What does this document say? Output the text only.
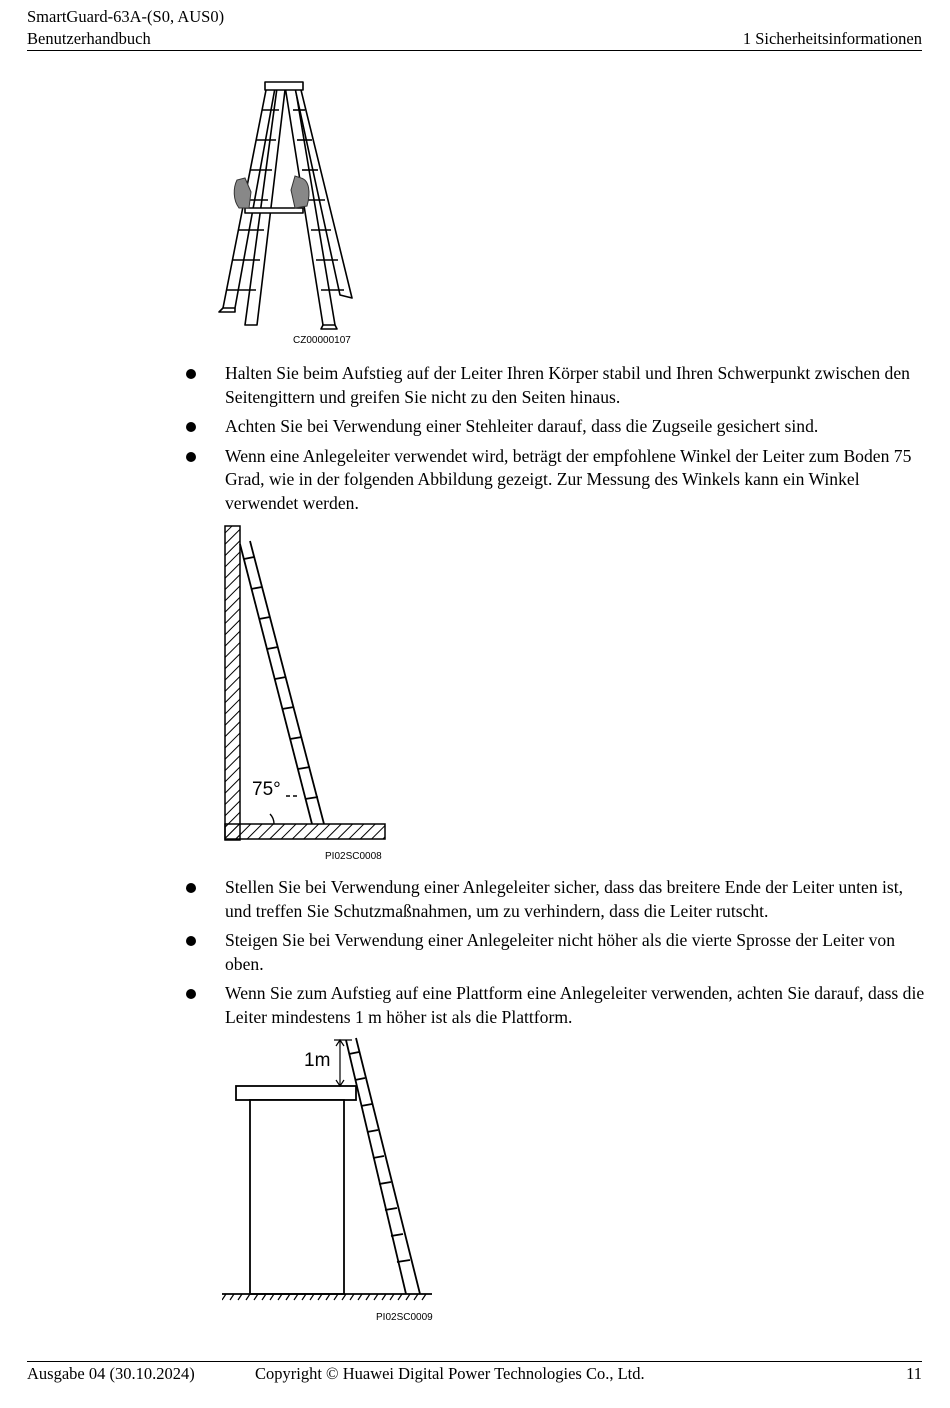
SmartGuard-63A-(S0, AUS0)
Benutzerhandbuch	1 Sicherheitsinformationen
CZ00000107
Halten Sie beim Aufstieg auf der Leiter Ihren Körper stabil und Ihren Schwerpunkt zwischen den Seitengittern und greifen Sie nicht zu den Seiten hinaus.
Achten Sie bei Verwendung einer Stehleiter darauf, dass die Zugseile gesichert sind.
Wenn eine Anlegeleiter verwendet wird, beträgt der empfohlene Winkel der Leiter zum Boden 75 Grad, wie in der folgenden Abbildung gezeigt. Zur Messung des Winkels kann ein Winkel verwendet werden.
75°
PI02SC0008
Stellen Sie bei Verwendung einer Anlegeleiter sicher, dass das breitere Ende der Leiter unten ist, und treffen Sie Schutzmaßnahmen, um zu verhindern, dass die Leiter rutscht.
Steigen Sie bei Verwendung einer Anlegeleiter nicht höher als die vierte Sprosse der Leiter von oben.
Wenn Sie zum Aufstieg auf eine Plattform eine Anlegeleiter verwenden, achten Sie darauf, dass die Leiter mindestens 1 m höher ist als die Plattform.
1m
PI02SC0009
Ausgabe 04 (30.10.2024)	Copyright © Huawei Digital Power Technologies Co., Ltd.	11
